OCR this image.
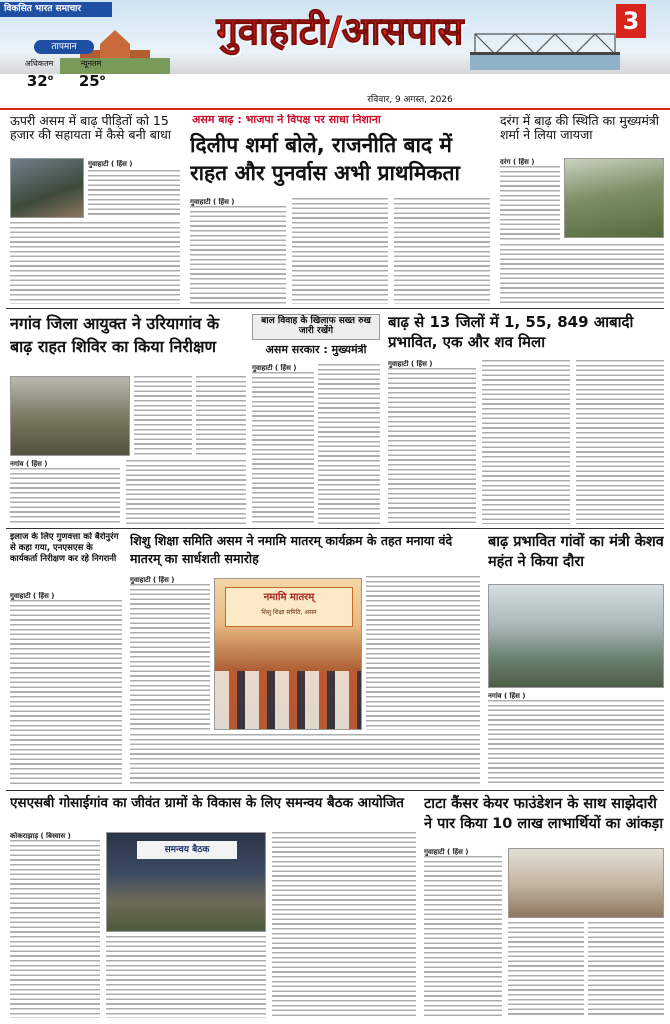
विकसित भारत समाचार	गुवाहाटी/आसपास	3
तापमान
अधिकतम	न्यूनतम
32$^o$	25$^o$
रविवार, 9 अगस्त, 2026
ऊपरी असम में बाढ़ पीड़ितों को 15 हजार की सहायता में कैसे बनी बाधा
गुवाहाटी ( हिंस )
असम बाढ़ : भाजपा ने विपक्ष पर साधा निशाना
दिलीप शर्मा बोले, राजनीति बाद में राहत और पुनर्वास अभी प्राथमिकता
गुवाहाटी ( हिंस )
दरंग में बाढ़ की स्थिति का मुख्यमंत्री शर्मा ने लिया जायजा
दरंग ( हिंस )
नगांव जिला आयुक्त ने उरियागांव के बाढ़ राहत शिविर का किया निरीक्षण
नगांव ( हिंस )
बाल विवाह के खिलाफ सख्त रुख जारी रखेंगे
असम सरकार : मुख्यमंत्री
गुवाहाटी ( हिंस )
बाढ़ से 13 जिलों में 1, 55, 849 आबादी प्रभावित, एक और शव मिला
गुवाहाटी ( हिंस )
इलाज के लिए गुणवत्ता को बैरोनुरंग से कहा गया, एनएसएस के कार्यकर्ता निरीक्षण कर रहे निगरानी
गुवाहाटी ( हिंस )
शिशु शिक्षा समिति असम ने नमामि मातरम् कार्यक्रम के तहत मनाया वंदे मातरम् का सार्धशती समारोह
गुवाहाटी ( हिंस )
नमामि मातरम्
शिशु शिक्षा समिति, असम
बाढ़ प्रभावित गांवों का मंत्री केशव महंत ने किया दौरा
नगांव ( हिंस )
एसएसबी गोसाईगांव का जीवंत ग्रामों के विकास के लिए समन्वय बैठक आयोजित
कोकराझाड़ ( बिस्वास )
समन्वय बैठक
टाटा कैंसर केयर फाउंडेशन के साथ साझेदारी ने पार किया 10 लाख लाभार्थियों का आंकड़ा
गुवाहाटी ( हिंस )
